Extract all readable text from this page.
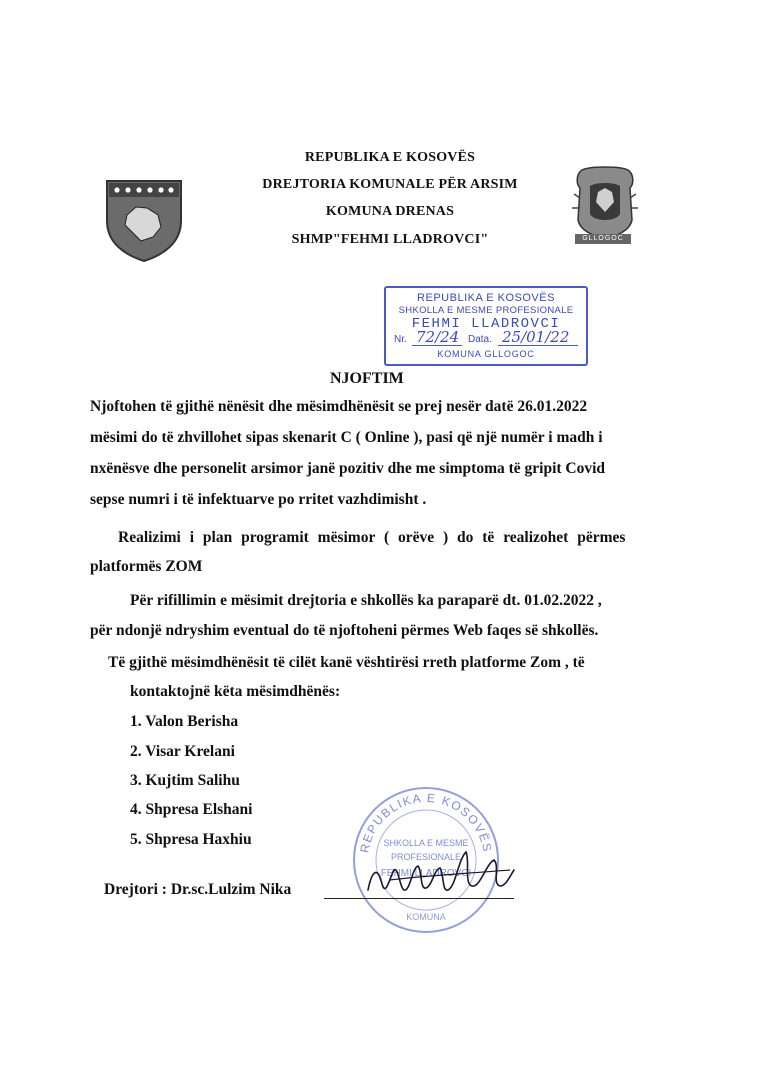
REPUBLIKA E KOSOVËS
DREJTORIA KOMUNALE PËR ARSIM
KOMUNA DRENAS
SHMP"FEHMI LLADROVCI"	GLLOGOC
REPUBLIKA E KOSOVËS
SHKOLLA E MESME PROFESIONALE
FEHMI LLADROVCI
Nr. 72/24 Data. 25/01/22
KOMUNA GLLOGOC
NJOFTIM
Njoftohen të gjithë nënësit dhe mësimdhënësit se prej nesër datë 26.01.2022
mësimi do të zhvillohet sipas skenarit C ( Online ), pasi që një numër i madh i
nxënësve dhe personelit arsimor janë pozitiv dhe me simptoma të gripit Covid
sepse numri i të infektuarve po rritet vazhdimisht .
Realizimi i plan programit mësimor ( orëve ) do të realizohet përmes
platformës ZOM
Për rifillimin e mësimit drejtoria e shkollës ka paraparë dt. 01.02.2022 ,
për ndonjë ndryshim eventual do të njoftoheni përmes Web faqes së shkollës.
Të gjithë mësimdhënësit të cilët kanë vështirësi rreth platforme Zom , të
kontaktojnë këta mësimdhënës:
1. Valon Berisha
2. Visar Krelani
3. Kujtim Salihu
4. Shpresa Elshani
5. Shpresa Haxhiu	REPUBLIKA E KOSOVËS
SHKOLLA E MESME
PROFESIONALE
FEHMI LLADROVCI
KOMUNA
Drejtori : Dr.sc.Lulzim Nika
